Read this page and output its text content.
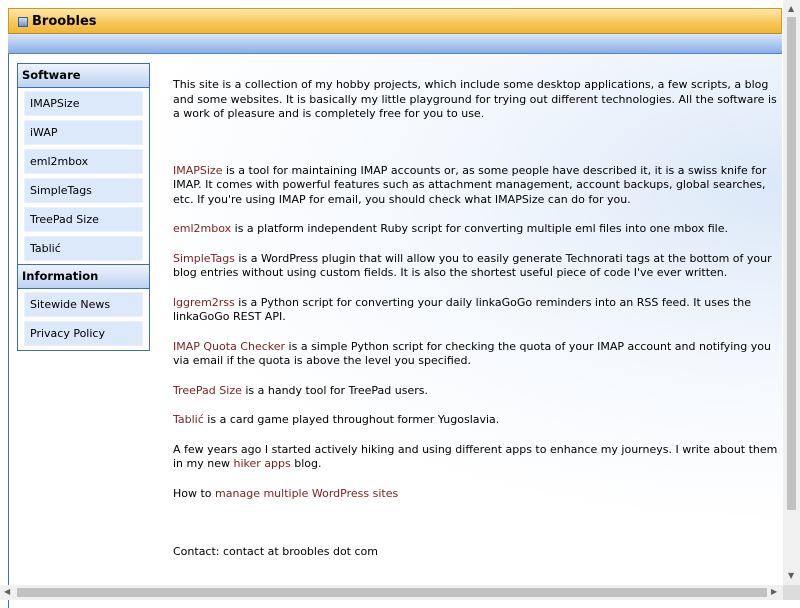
Broobles
Software
IMAPSize
iWAP
eml2mbox
SimpleTags
TreePad Size
Tablić
Information
Sitewide News
Privacy Policy

This site is a collection of my hobby projects, which include some desktop applications, a few scripts, a blog and some websites. It is basically my little playground for trying out different technologies. All the software is a work of pleasure and is completely free for you to use.

IMAPSize is a tool for maintaining IMAP accounts or, as some people have described it, it is a swiss knife for IMAP. It comes with powerful features such as attachment management, account backups, global searches, etc. If you're using IMAP for email, you should check what IMAPSize can do for you.

eml2mbox is a platform independent Ruby script for converting multiple eml files into one mbox file.

SimpleTags is a WordPress plugin that will allow you to easily generate Technorati tags at the bottom of your blog entries without using custom fields. It is also the shortest useful piece of code I've ever written.

lggrem2rss is a Python script for converting your daily linkaGoGo reminders into an RSS feed. It uses the linkaGoGo REST API.

IMAP Quota Checker is a simple Python script for checking the quota of your IMAP account and notifying you via email if the quota is above the level you specified.

TreePad Size is a handy tool for TreePad users.

Tablić is a card game played throughout former Yugoslavia.

A few years ago I started actively hiking and using different apps to enhance my journeys. I write about them in my new hiker apps blog.

How to manage multiple WordPress sites

Contact: contact at broobles dot com

▲
▼
◀	▶
